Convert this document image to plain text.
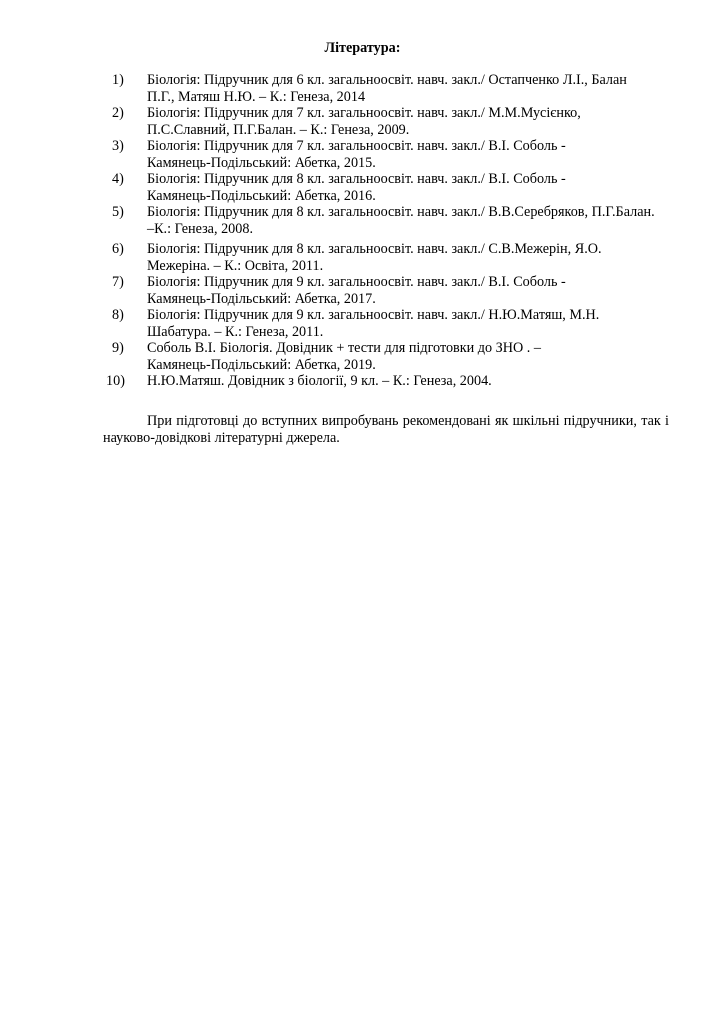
Література:
1)	Біологія: Підручник для 6 кл. загальноосвіт. навч. закл./ Остапченко Л.І., Балан
П.Г., Матяш Н.Ю. – К.: Генеза, 2014
2)	Біологія: Підручник для 7 кл. загальноосвіт. навч. закл./ М.М.Мусієнко,
П.С.Славний, П.Г.Балан. – К.: Генеза, 2009.
3)	Біологія: Підручник для 7 кл. загальноосвіт. навч. закл./ В.І. Соболь -
Камянець-Подільський: Абетка, 2015.
4)	Біологія: Підручник для 8 кл. загальноосвіт. навч. закл./ В.І. Соболь -
Камянець-Подільський: Абетка, 2016.
5)	Біологія: Підручник для 8 кл. загальноосвіт. навч. закл./ В.В.Серебряков, П.Г.Балан.
–К.: Генеза, 2008.
6)	Біологія: Підручник для 8 кл. загальноосвіт. навч. закл./ С.В.Межерін, Я.О.
Межеріна. – К.: Освіта, 2011.
7)	Біологія: Підручник для 9 кл. загальноосвіт. навч. закл./ В.І. Соболь -
Камянець-Подільський: Абетка, 2017.
8)	Біологія: Підручник для 9 кл. загальноосвіт. навч. закл./ Н.Ю.Матяш, М.Н.
Шабатура. – К.: Генеза, 2011.
9)	Соболь В.І. Біологія. Довідник + тести для підготовки до ЗНО . –
Камянець-Подільський: Абетка, 2019.
10)	Н.Ю.Матяш. Довідник з біології, 9 кл. – К.: Генеза, 2004.

При підготовці до вступних випробувань рекомендовані як шкільні підручники, так і науково-довідкові літературні джерела.
